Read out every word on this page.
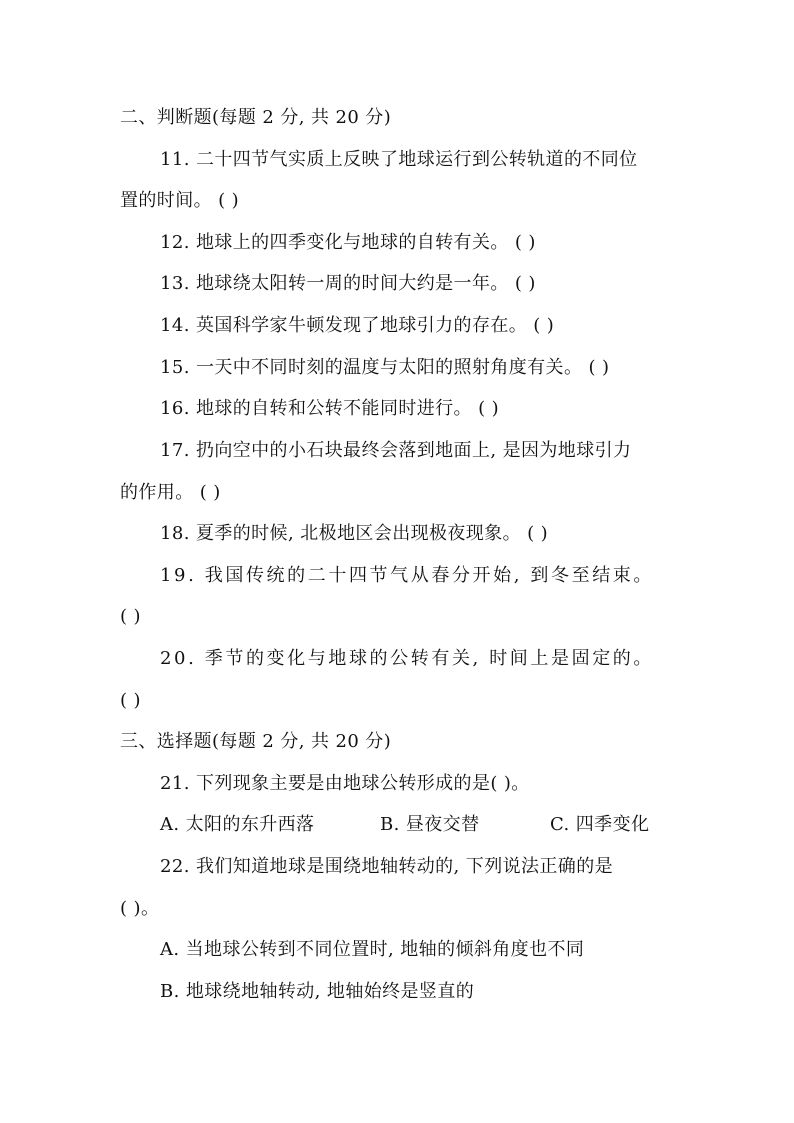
二、判断题(每题 2 分, 共 20 分)
11. 二十四节气实质上反映了地球运行到公转轨道的不同位
置的时间。 ( )
12. 地球上的四季变化与地球的自转有关。 ( )
13. 地球绕太阳转一周的时间大约是一年。 ( )
14. 英国科学家牛顿发现了地球引力的存在。 ( )
15. 一天中不同时刻的温度与太阳的照射角度有关。 ( )
16. 地球的自转和公转不能同时进行。 ( )
17. 扔向空中的小石块最终会落到地面上, 是因为地球引力
的作用。 ( )
18. 夏季的时候, 北极地区会出现极夜现象。 ( )
19. 我国传统的二十四节气从春分开始, 到冬至结束。
( )
20. 季节的变化与地球的公转有关, 时间上是固定的。
( )
三、选择题(每题 2 分, 共 20 分)
21. 下列现象主要是由地球公转形成的是( )。
A. 太阳的东升西落	B. 昼夜交替	C. 四季变化
22. 我们知道地球是围绕地轴转动的, 下列说法正确的是
( )。
A. 当地球公转到不同位置时, 地轴的倾斜角度也不同
B. 地球绕地轴转动, 地轴始终是竖直的
